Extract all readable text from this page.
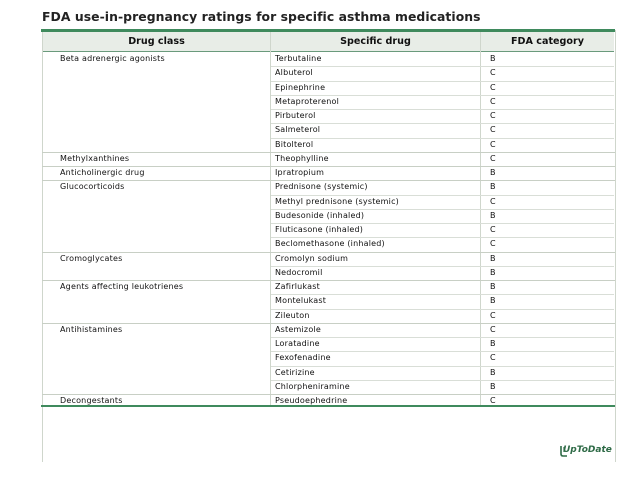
FDA use-in-pregnancy ratings for specific asthma medications
Drug class	Specific drug	FDA category
Beta adrenergic agonists	Terbutaline	B
Albuterol	C
Epinephrine	C
Metaproterenol	C
Pirbuterol	C
Salmeterol	C
Bitolterol	C
Methylxanthines	Theophylline	C
Anticholinergic drug	Ipratropium	B
Glucocorticoids	Prednisone (systemic)	B
Methyl prednisone (systemic)	C
Budesonide (inhaled)	B
Fluticasone (inhaled)	C
Beclomethasone (inhaled)	C
Cromoglycates	Cromolyn sodium	B
Nedocromil	B
Agents affecting leukotrienes	Zafirlukast	B
Montelukast	B
Zileuton	C
Antihistamines	Astemizole	C
Loratadine	B
Fexofenadine	C
Cetirizine	B
Chlorpheniramine	B
Decongestants	Pseudoephedrine	C
UpToDate
